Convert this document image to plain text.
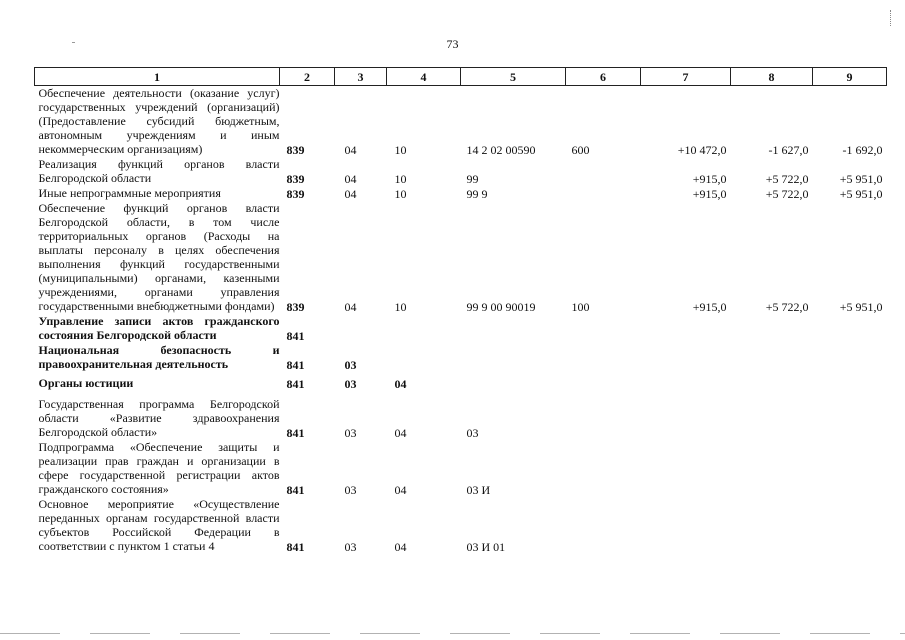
73
1	2	3	4	5	6	7	8	9
Обеспечение деятельности (оказание услуг) государственных учреждений (организаций) (Предоставление субсидий бюджетным, автономным учреждениям и иным некоммерческим организациям)	839	04	10	14 2 02 00590	600	+10 472,0	-1 627,0	-1 692,0
Реализация функций органов власти Белгородской области	839	04	10	99		+915,0	+5 722,0	+5 951,0
Иные непрограммные мероприятия	839	04	10	99 9		+915,0	+5 722,0	+5 951,0
Обеспечение функций органов власти Белгородской области, в том числе территориальных органов (Расходы на выплаты персоналу в целях обеспечения выполнения функций государственными (муниципальными) органами, казенными учреждениями, органами управления государственными внебюджетными фондами)	839	04	10	99 9 00 90019	100	+915,0	+5 722,0	+5 951,0
Управление записи актов гражданского состояния Белгородской области	841							
Национальная безопасность и правоохранительная деятельность	841	03						
Органы юстиции	841	03	04					
Государственная программа Белгородской области «Развитие здравоохранения Белгородской области»	841	03	04	03				
Подпрограмма «Обеспечение защиты и реализации прав граждан и организации в сфере государственной регистрации актов гражданского состояния»	841	03	04	03 И				
Основное мероприятие «Осуществление переданных органам государственной власти субъектов Российской Федерации в соответствии с пунктом 1 статьи 4	841	03	04	03 И 01				
